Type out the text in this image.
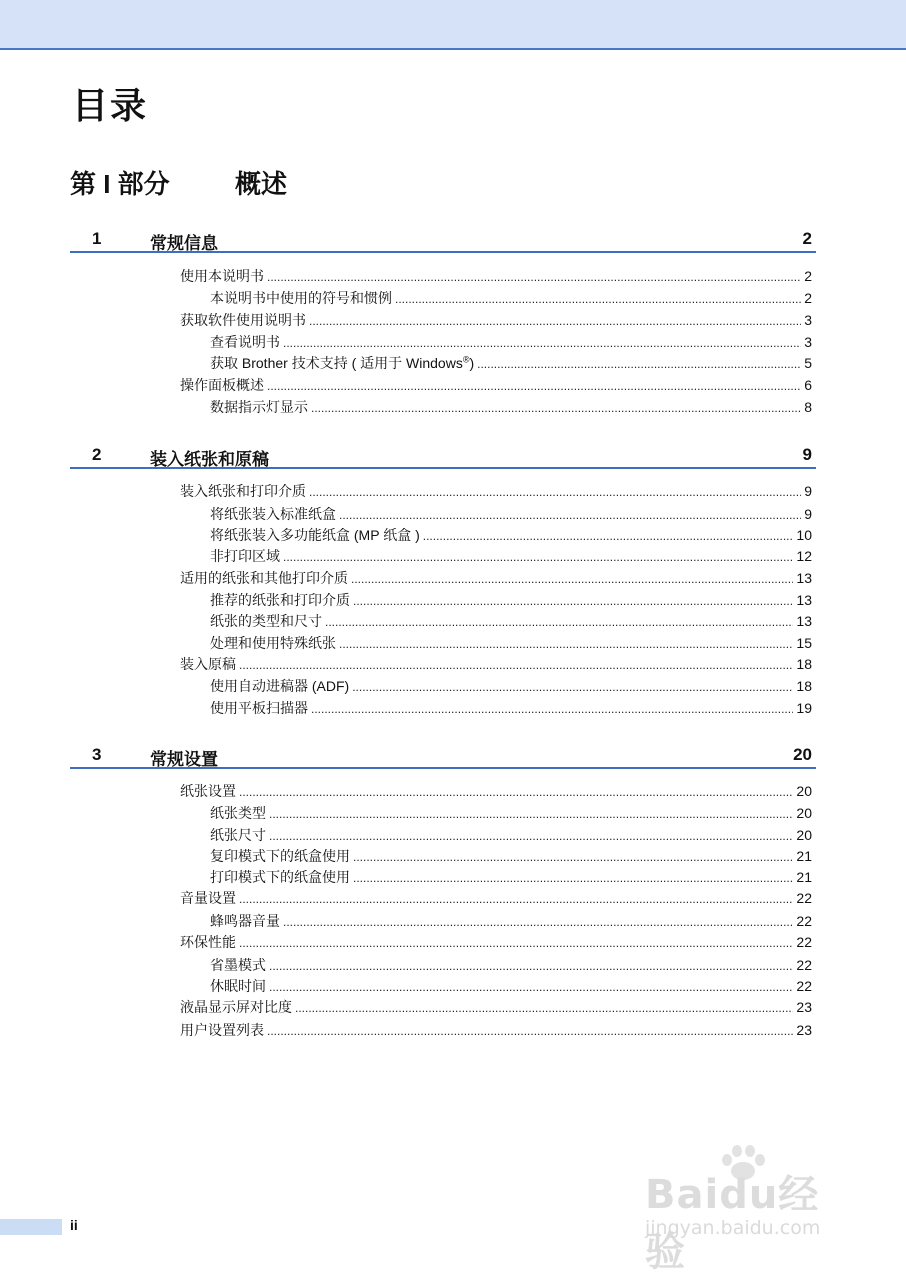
目录
第 I 部分	概述
1	常规信息	2
使用本说明书 .....	2
本说明书中使用的符号和惯例 .....	2
获取软件使用说明书 .....	3
查看说明书 .....	3
获取 Brother 技术支持 ( 适用于 Windows®) .....	5
操作面板概述 .....	6
数据指示灯显示 .....	8
2	装入纸张和原稿	9
装入纸张和打印介质 .....	9
将纸张装入标准纸盒 .....	9
将纸张装入多功能纸盒 (MP 纸盒 ) .....	10
非打印区域 .....	12
适用的纸张和其他打印介质 .....	13
推荐的纸张和打印介质 .....	13
纸张的类型和尺寸 .....	13
处理和使用特殊纸张 .....	15
装入原稿 .....	18
使用自动进稿器 (ADF) .....	18
使用平板扫描器 .....	19
3	常规设置	20
纸张设置 .....	20
纸张类型 .....	20
纸张尺寸 .....	20
复印模式下的纸盒使用 .....	21
打印模式下的纸盒使用 .....	21
音量设置 .....	22
蜂鸣器音量 .....	22
环保性能 .....	22
省墨模式 .....	22
休眠时间 .....	22
液晶显示屏对比度 .....	23
用户设置列表 .....	23
ii
Baidu经验
jingyan.baidu.com
